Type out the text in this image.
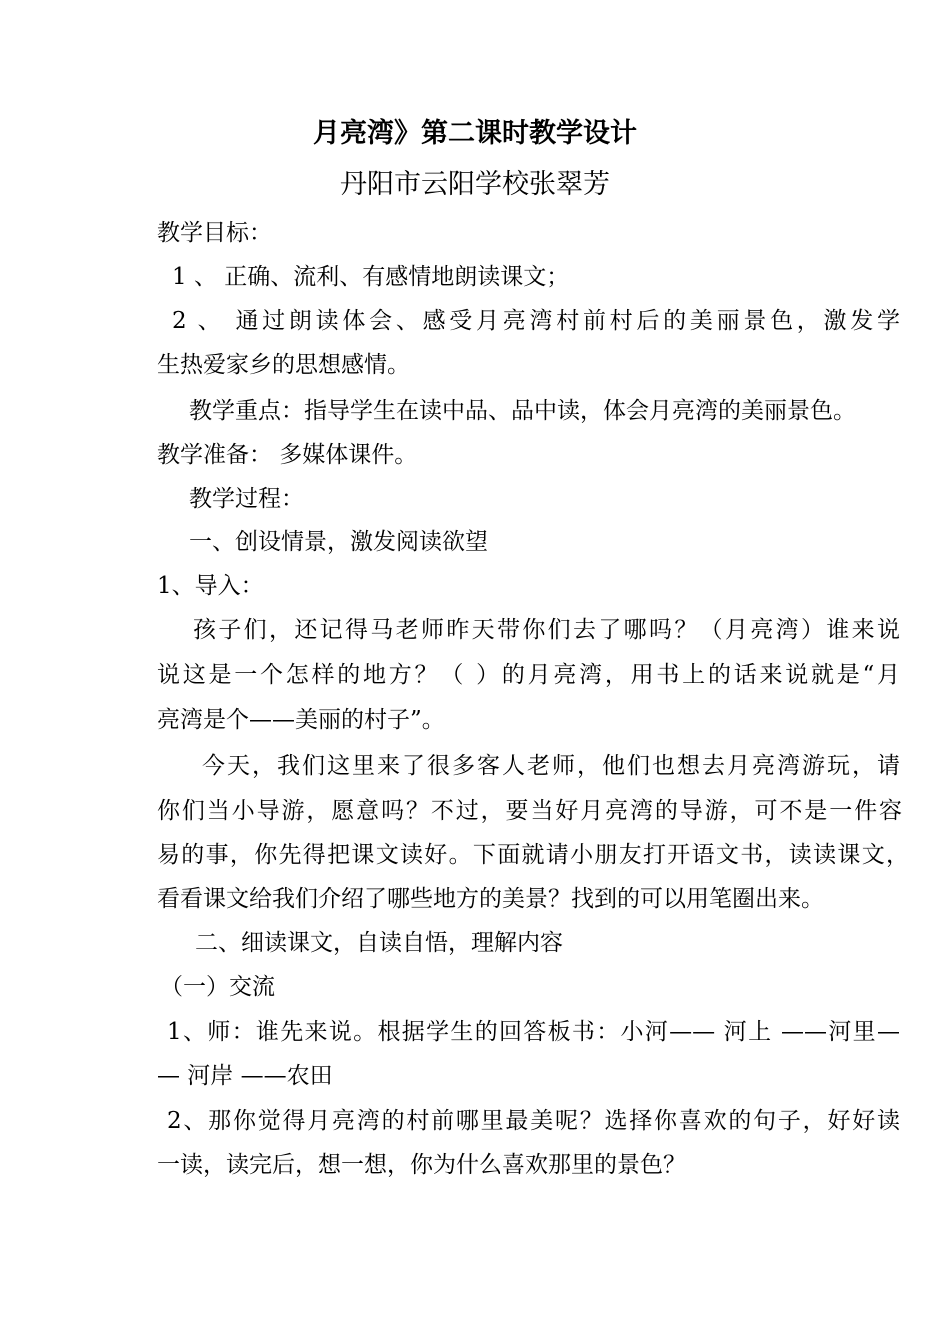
月亮湾》第二课时教学设计
丹阳市云阳学校张翠芳
教学目标：
1 、 正确、流利、有感情地朗读课文；
2 、 通过朗读体会、感受月亮湾村前村后的美丽景色，激发学
生热爱家乡的思想感情。
教学重点：指导学生在读中品、品中读，体会月亮湾的美丽景色。
教学准备： 多媒体课件。
教学过程：
一、创设情景，激发阅读欲望
1、导入：
孩子们，还记得马老师昨天带你们去了哪吗？（月亮湾）谁来说
说这是一个怎样的地方？（ ）的月亮湾，用书上的话来说就是“月
亮湾是个——美丽的村子”。
今天，我们这里来了很多客人老师，他们也想去月亮湾游玩，请
你们当小导游，愿意吗？不过，要当好月亮湾的导游，可不是一件容
易的事，你先得把课文读好。下面就请小朋友打开语文书，读读课文，
看看课文给我们介绍了哪些地方的美景？找到的可以用笔圈出来。
二、细读课文，自读自悟，理解内容
（一）交流
1、师：谁先来说。根据学生的回答板书：小河—— 河上 ——河里—
— 河岸 ——农田
2、那你觉得月亮湾的村前哪里最美呢？选择你喜欢的句子，好好读
一读，读完后，想一想，你为什么喜欢那里的景色？
